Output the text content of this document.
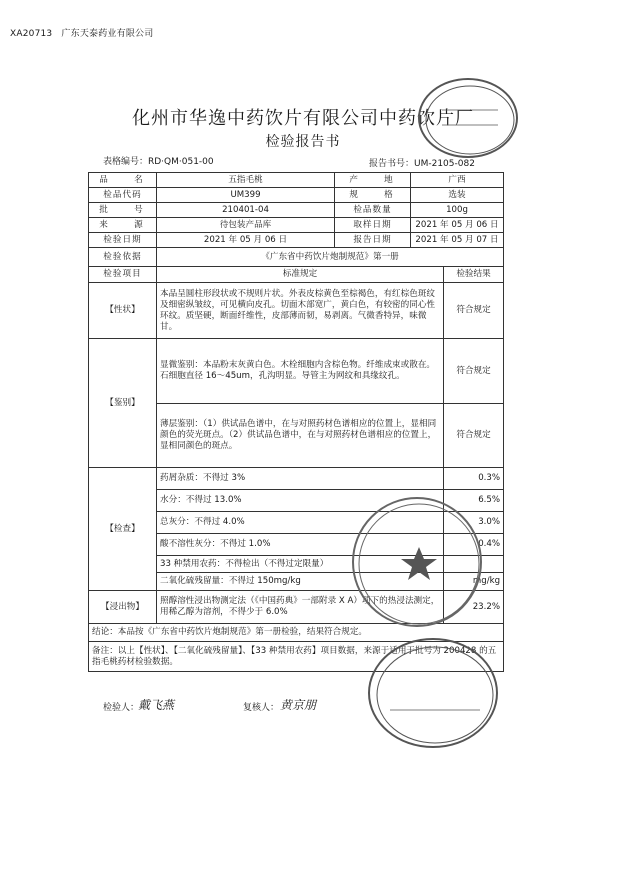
XA20713 广东天泰药业有限公司
化州市华逸中药饮片有限公司中药饮片厂
检验报告书
表格编号：RD·QM·051-00	报告书号：UM-2105-082
品　　名	五指毛桃	产　　地	广西	
检品代码	UM399	规　　格	选装	
批　　号	210401-04	检品数量	100g	
来　　源	待包装产品库	取样日期	2021 年 05 月 06 日	
检验日期	2021 年 05 月 06 日	报告日期	2021 年 05 月 07 日	
检验依据	《广东省中药饮片炮制规范》第一册			
检验项目	标准规定			检验结果
【性状】	本品呈圆柱形段状或不规则片状。外表皮棕黄色至棕褐色，有红棕色斑纹及细密纵皱纹，可见横向皮孔。切面木部宽广，黄白色，有较密的同心性环纹。质坚硬，断面纤维性，皮部薄而韧，易剥离。气微香特异，味微甘。			符合规定
【鉴别】	显微鉴别：本品粉末灰黄白色。木栓细胞内含棕色物。纤维成束或散在。石细胞直径 16～45um，孔沟明显。导管主为网纹和具缘纹孔。			符合规定
	薄层鉴别：（1）供试品色谱中，在与对照药材色谱相应的位置上，显相同颜色的荧光斑点。（2）供试品色谱中，在与对照药材色谱相应的位置上，显相同颜色的斑点。			符合规定
【检查】	药屑杂质：不得过 3%			0.3%
	水分：不得过 13.0%			6.5%
	总灰分：不得过 4.0%			3.0%
	酸不溶性灰分：不得过 1.0%			0.4%
	33 种禁用农药：不得检出（不得过定限量）			
	二氧化硫残留量：不得过 150mg/kg			mg/kg
【浸出物】	照醇溶性浸出物测定法（《中国药典》一部附录 X A）项下的热浸法测定，用稀乙醇为溶剂，不得少于 6.0%			23.2%
结论：本品按《广东省中药饮片炮制规范》第一册检验，结果符合规定。				
备注：以上【性状】、【二氧化硫残留量】、【33 种禁用农药】项目数据，来源于适用于批号为 200428 的五指毛桃药材检验数据。				
检验人：
戴飞燕	复核人： 黄京朋
